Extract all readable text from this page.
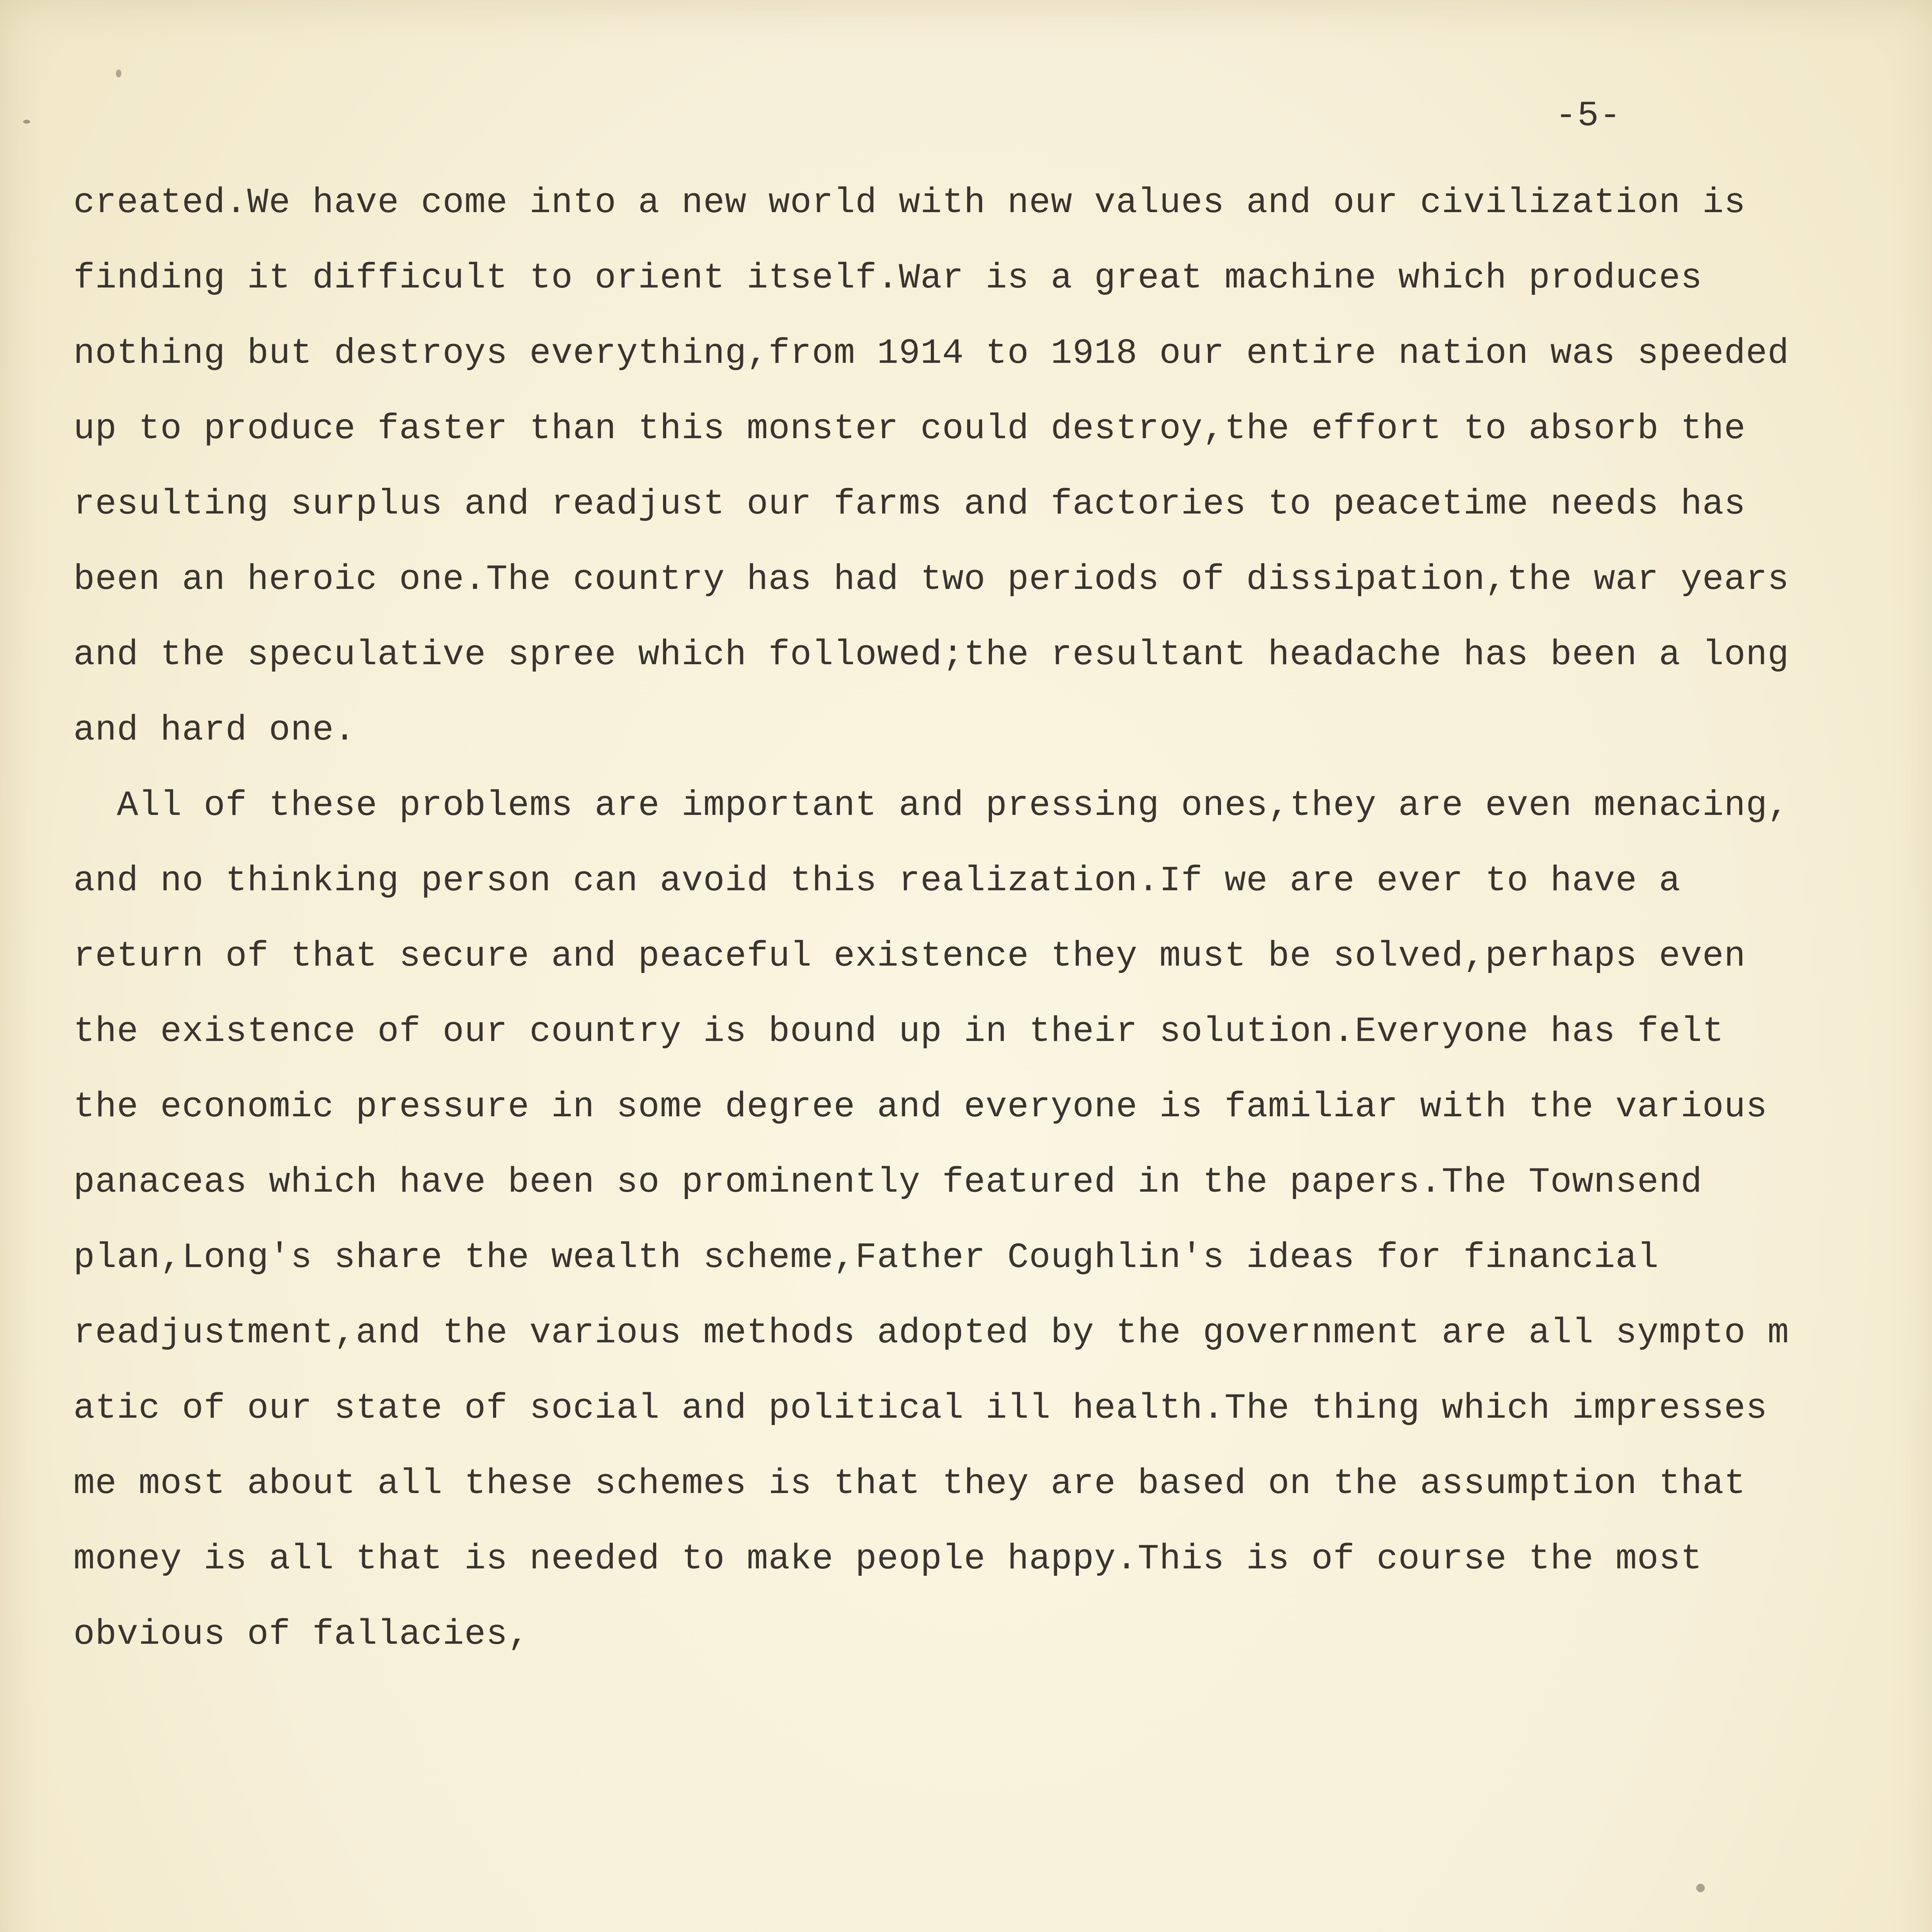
-5-
created.We have come into a new world with new values and our civilization is
finding it difficult to orient itself.War is a great machine which produces
nothing but destroys everything,from 1914 to 1918 our entire nation was speeded
up to produce faster than this monster could destroy,the effort to absorb the
resulting surplus and readjust our farms and factories to peacetime needs has
been an heroic one.The country has had two periods of dissipation,the war years
and the speculative spree which followed;the resultant headache has been a long
and hard one.
All of these problems are important and pressing ones,they are even menacing,
and no thinking person can avoid this realization.If we are ever to have a
return of that secure and peaceful existence they must be solved,perhaps even
the existence of our country is bound up in their solution.Everyone has felt
the economic pressure in some degree and everyone is familiar with the various
panaceas which have been so prominently featured in the papers.The Townsend
plan,Long's share the wealth scheme,Father Coughlin's ideas for financial
readjustment,and the various methods adopted by the government are all sympto m
atic of our state of social and political ill health.The thing which impresses
me most about all these schemes is that they are based on the assumption that
money is all that is needed to make people happy.This is of course the most
obvious of fallacies,
